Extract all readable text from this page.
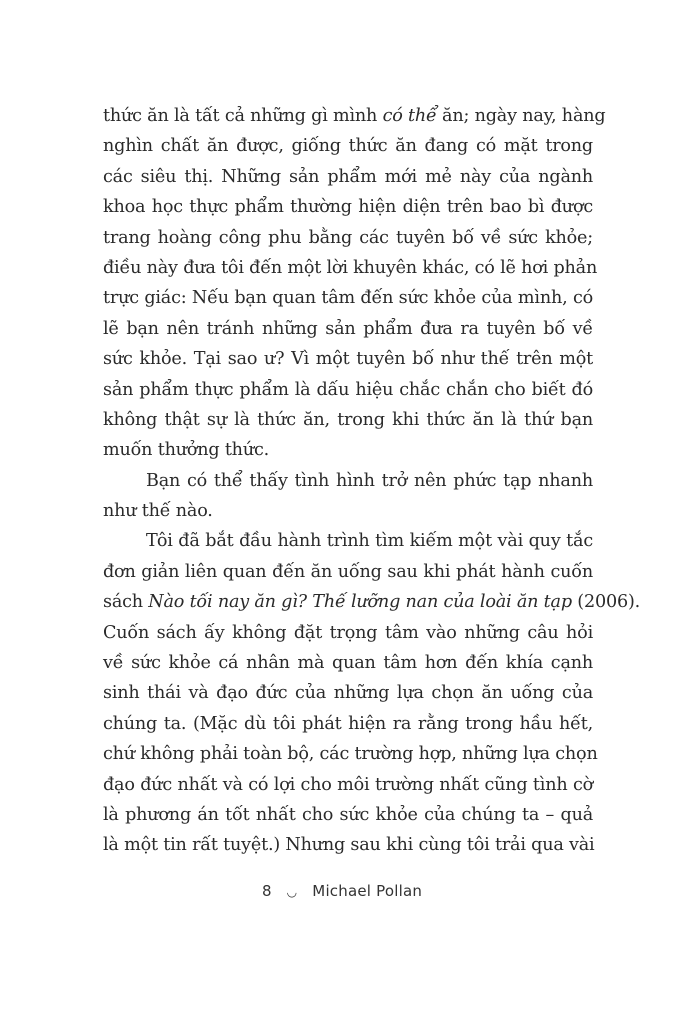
thức ăn là tất cả những gì mình có thể ăn; ngày nay, hàng
nghìn chất ăn được, giống thức ăn đang có mặt trong
các siêu thị. Những sản phẩm mới mẻ này của ngành
khoa học thực phẩm thường hiện diện trên bao bì được
trang hoàng công phu bằng các tuyên bố về sức khỏe;
điều này đưa tôi đến một lời khuyên khác, có lẽ hơi phản
trực giác: Nếu bạn quan tâm đến sức khỏe của mình, có
lẽ bạn nên tránh những sản phẩm đưa ra tuyên bố về
sức khỏe. Tại sao ư? Vì một tuyên bố như thế trên một
sản phẩm thực phẩm là dấu hiệu chắc chắn cho biết đó
không thật sự là thức ăn, trong khi thức ăn là thứ bạn
muốn thưởng thức.
Bạn có thể thấy tình hình trở nên phức tạp nhanh
như thế nào.
Tôi đã bắt đầu hành trình tìm kiếm một vài quy tắc
đơn giản liên quan đến ăn uống sau khi phát hành cuốn
sách Nào tối nay ăn gì? Thế lưỡng nan của loài ăn tạp (2006).
Cuốn sách ấy không đặt trọng tâm vào những câu hỏi
về sức khỏe cá nhân mà quan tâm hơn đến khía cạnh
sinh thái và đạo đức của những lựa chọn ăn uống của
chúng ta. (Mặc dù tôi phát hiện ra rằng trong hầu hết,
chứ không phải toàn bộ, các trường hợp, những lựa chọn
đạo đức nhất và có lợi cho môi trường nhất cũng tình cờ
là phương án tốt nhất cho sức khỏe của chúng ta – quả
là một tin rất tuyệt.) Nhưng sau khi cùng tôi trải qua vài
8 ◡ Michael Pollan
